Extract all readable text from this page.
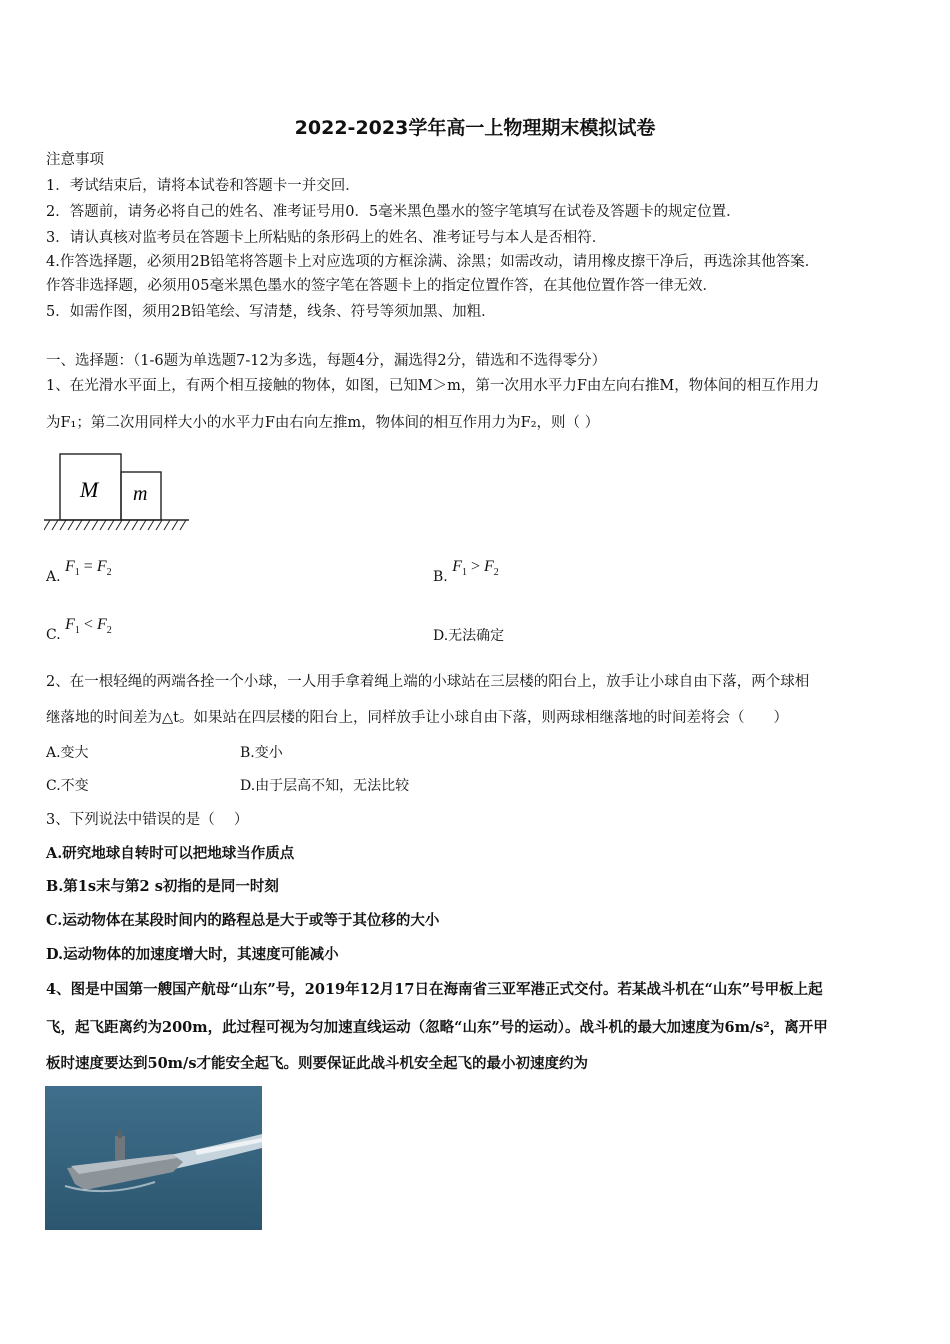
2022-2023学年高一上物理期末模拟试卷
注意事项
1．考试结束后，请将本试卷和答题卡一并交回．
2．答题前，请务必将自己的姓名、准考证号用0．5毫米黑色墨水的签字笔填写在试卷及答题卡的规定位置．
3．请认真核对监考员在答题卡上所粘贴的条形码上的姓名、准考证号与本人是否相符．
4.作答选择题，必须用2B铅笔将答题卡上对应选项的方框涂满、涂黑；如需改动，请用橡皮擦干净后，再选涂其他答案．
作答非选择题，必须用05毫米黑色墨水的签字笔在答题卡上的指定位置作答，在其他位置作答一律无效．
5．如需作图，须用2B铅笔绘、写清楚，线条、符号等须加黑、加粗．
一、选择题：（1-6题为单选题7-12为多选，每题4分，漏选得2分，错选和不选得零分）
1、在光滑水平面上，有两个相互接触的物体，如图，已知M＞m，第一次用水平力F由左向右推M，物体间的相互作用力
为F₁；第二次用同样大小的水平力F由右向左推m，物体间的相互作用力为F₂，则（ ）
M m
A. $F_1 = F_2$	B. $F_1 > F_2$
C. $F_1 < F_2$	D.无法确定
2、在一根轻绳的两端各拴一个小球，一人用手拿着绳上端的小球站在三层楼的阳台上，放手让小球自由下落，两个球相
继落地的时间差为△t。如果站在四层楼的阳台上，同样放手让小球自由下落，则两球相继落地的时间差将会（　　）
A.变大	B.变小
C.不变	D.由于层高不知，无法比较
3、下列说法中错误的是（　 ）
A.研究地球自转时可以把地球当作质点
B.第1s末与第2 s初指的是同一时刻
C.运动物体在某段时间内的路程总是大于或等于其位移的大小
D.运动物体的加速度增大时，其速度可能减小
4、图是中国第一艘国产航母“山东”号，2019年12月17日在海南省三亚军港正式交付。若某战斗机在“山东”号甲板上起
飞，起飞距离约为200m，此过程可视为匀加速直线运动（忽略“山东”号的运动）。战斗机的最大加速度为6m/s²，离开甲
板时速度要达到50m/s才能安全起飞。则要保证此战斗机安全起飞的最小初速度约为
